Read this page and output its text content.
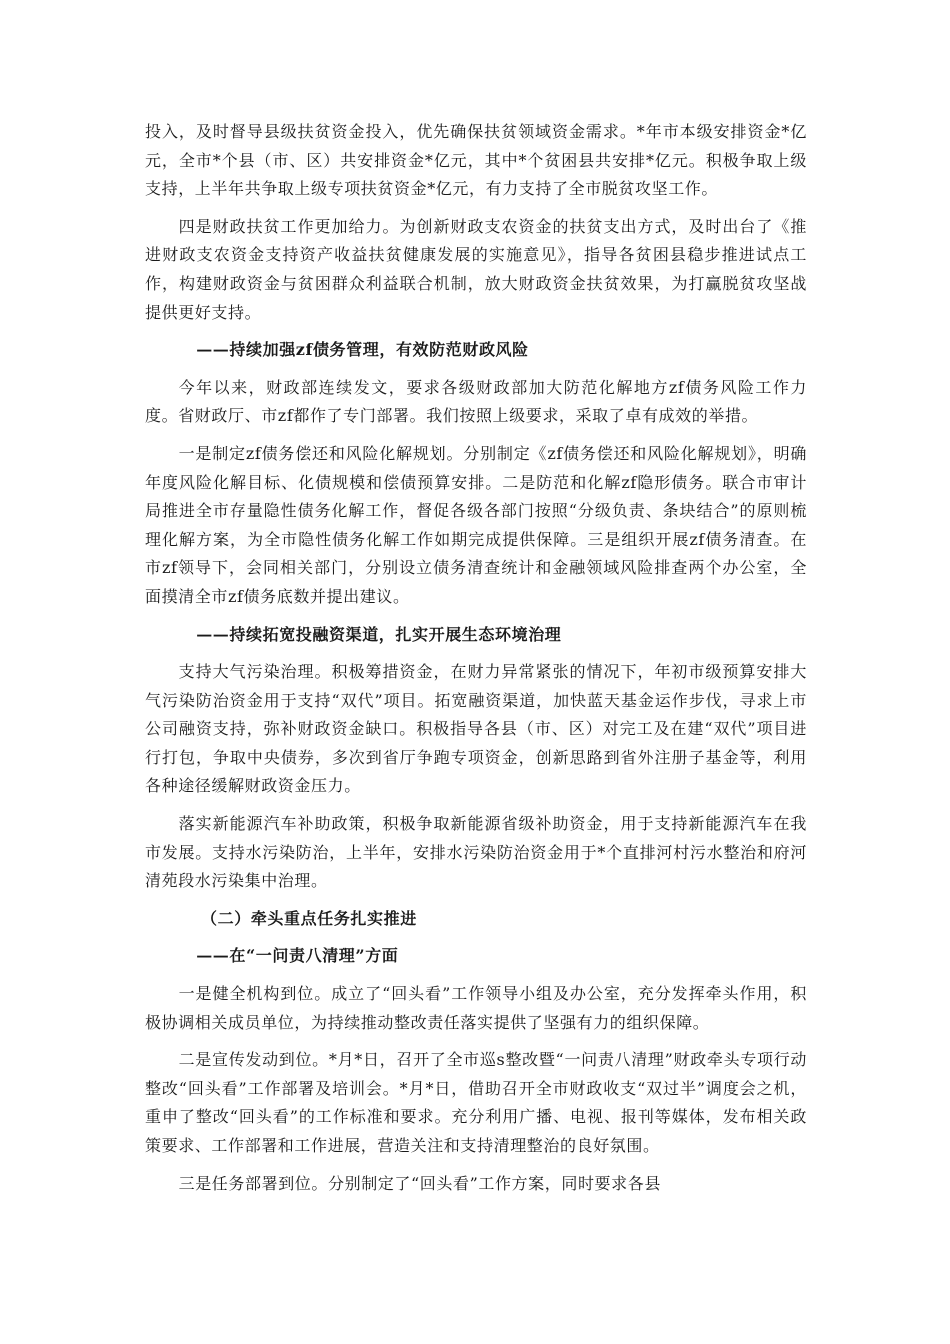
投入，及时督导县级扶贫资金投入，优先确保扶贫领域资金需求。*年市本级安排资金*亿元，全市*个县（市、区）共安排资金*亿元，其中*个贫困县共安排*亿元。积极争取上级支持，上半年共争取上级专项扶贫资金*亿元，有力支持了全市脱贫攻坚工作。

四是财政扶贫工作更加给力。为创新财政支农资金的扶贫支出方式，及时出台了《推进财政支农资金支持资产收益扶贫健康发展的实施意见》，指导各贫困县稳步推进试点工作，构建财政资金与贫困群众利益联合机制，放大财政资金扶贫效果，为打赢脱贫攻坚战提供更好支持。

——持续加强zf债务管理，有效防范财政风险

今年以来，财政部连续发文，要求各级财政部加大防范化解地方zf债务风险工作力度。省财政厅、市zf都作了专门部署。我们按照上级要求，采取了卓有成效的举措。

一是制定zf债务偿还和风险化解规划。分别制定《zf债务偿还和风险化解规划》，明确年度风险化解目标、化债规模和偿债预算安排。二是防范和化解zf隐形债务。联合市审计局推进全市存量隐性债务化解工作，督促各级各部门按照“分级负责、条块结合”的原则梳理化解方案，为全市隐性债务化解工作如期完成提供保障。三是组织开展zf债务清查。在市zf领导下，会同相关部门，分别设立债务清查统计和金融领域风险排查两个办公室，全面摸清全市zf债务底数并提出建议。

——持续拓宽投融资渠道，扎实开展生态环境治理

支持大气污染治理。积极筹措资金，在财力异常紧张的情况下，年初市级预算安排大气污染防治资金用于支持“双代”项目。拓宽融资渠道，加快蓝天基金运作步伐，寻求上市公司融资支持，弥补财政资金缺口。积极指导各县（市、区）对完工及在建“双代”项目进行打包，争取中央债券，多次到省厅争跑专项资金，创新思路到省外注册子基金等，利用各种途径缓解财政资金压力。

落实新能源汽车补助政策，积极争取新能源省级补助资金，用于支持新能源汽车在我市发展。支持水污染防治，上半年，安排水污染防治资金用于*个直排河村污水整治和府河清苑段水污染集中治理。

（二）牵头重点任务扎实推进

——在“一问责八清理”方面

一是健全机构到位。成立了“回头看”工作领导小组及办公室，充分发挥牵头作用，积极协调相关成员单位，为持续推动整改责任落实提供了坚强有力的组织保障。

二是宣传发动到位。*月*日，召开了全市巡s整改暨“一问责八清理”财政牵头专项行动整改“回头看”工作部署及培训会。*月*日，借助召开全市财政收支“双过半”调度会之机，重申了整改“回头看”的工作标准和要求。充分利用广播、电视、报刊等媒体，发布相关政策要求、工作部署和工作进展，营造关注和支持清理整治的良好氛围。

三是任务部署到位。分别制定了“回头看”工作方案，同时要求各县
